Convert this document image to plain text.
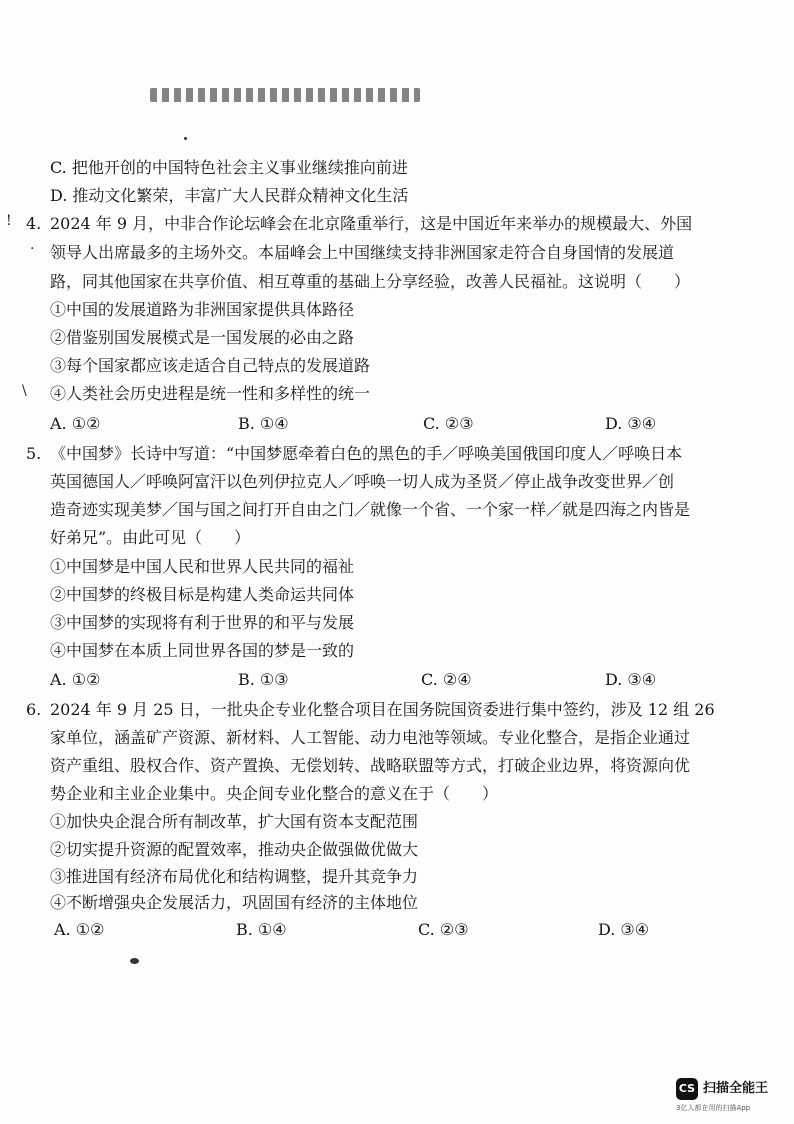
!
·
\
C. 把他开创的中国特色社会主义事业继续推向前进
D. 推动文化繁荣，丰富广大人民群众精神文化生活
4. 2024 年 9 月，中非合作论坛峰会在北京隆重举行，这是中国近年来举办的规模最大、外国
领导人出席最多的主场外交。本届峰会上中国继续支持非洲国家走符合自身国情的发展道
路，同其他国家在共享价值、相互尊重的基础上分享经验，改善人民福祉。这说明（　　）
①中国的发展道路为非洲国家提供具体路径
②借鉴别国发展模式是一国发展的必由之路
③每个国家都应该走适合自己特点的发展道路
④人类社会历史进程是统一性和多样性的统一
A. ①②	B. ①④	C. ②③	D. ③④
5. 《中国梦》长诗中写道：“中国梦愿牵着白色的黑色的手／呼唤美国俄国印度人／呼唤日本
英国德国人／呼唤阿富汗以色列伊拉克人／呼唤一切人成为圣贤／停止战争改变世界／创
造奇迹实现美梦／国与国之间打开自由之门／就像一个省、一个家一样／就是四海之内皆是
好弟兄”。由此可见（　　）
①中国梦是中国人民和世界人民共同的福祉
②中国梦的终极目标是构建人类命运共同体
③中国梦的实现将有利于世界的和平与发展
④中国梦在本质上同世界各国的梦是一致的
A. ①②	B. ①③	C. ②④	D. ③④
6. 2024 年 9 月 25 日，一批央企专业化整合项目在国务院国资委进行集中签约，涉及 12 组 26
家单位，涵盖矿产资源、新材料、人工智能、动力电池等领域。专业化整合，是指企业通过
资产重组、股权合作、资产置换、无偿划转、战略联盟等方式，打破企业边界，将资源向优
势企业和主业企业集中。央企间专业化整合的意义在于（　　）
①加快央企混合所有制改革，扩大国有资本支配范围
②切实提升资源的配置效率，推动央企做强做优做大
③推进国有经济布局优化和结构调整，提升其竞争力
④不断增强央企发展活力，巩固国有经济的主体地位
A. ①②	B. ①④	C. ②③	D. ③④
CS 扫描全能王
3亿人都在用的扫描App
